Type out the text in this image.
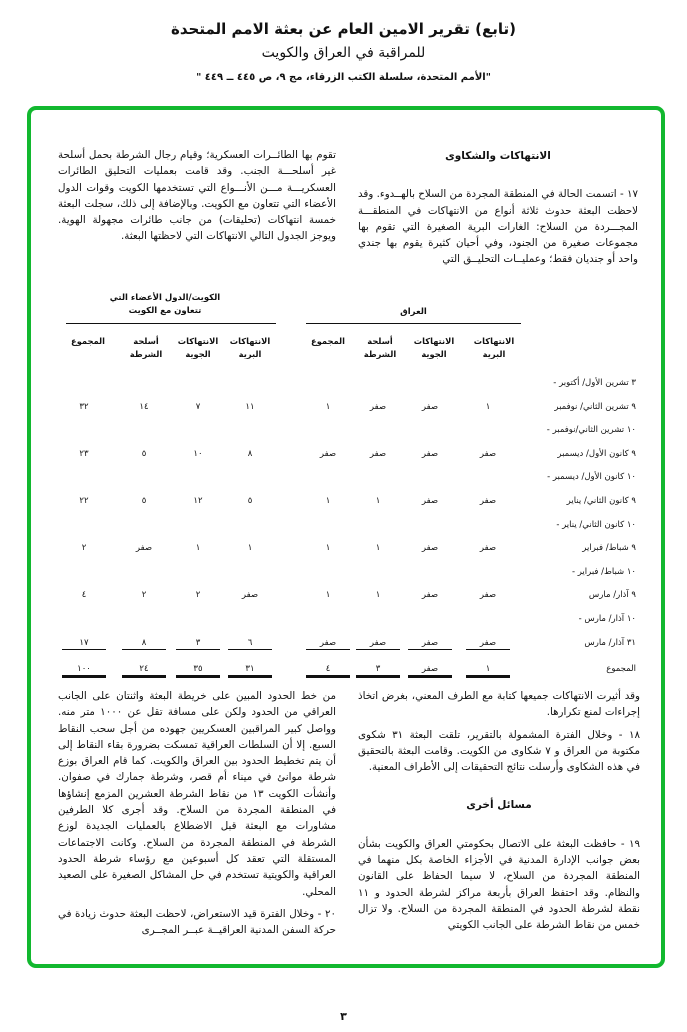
(تابع) تقرير الامين العام عن بعثة الامم المتحدة
للمراقبة في العراق والكويت
"الأمم المتحدة، سلسلة الكتب الزرقاء، مج ٩، ص ٤٤٥ ــ ٤٤٩ "
الانتهاكات والشكاوى

١٧ - اتسمت الحالة في المنطقة المجردة من السلاح بالهــدوء. وقد لاحظت البعثة حدوث ثلاثة أنواع من الانتهاكات في المنطقـــة المجـــردة من السلاح: الغارات البرية الصغيرة التي تقوم بها مجموعات صغيرة من الجنود، وفي أحيان كثيرة يقوم بها جندي واحد أو جنديان فقط؛ وعمليــات التحليــق التي

تقوم بها الطائــرات العسكرية؛ وقيام رجال الشرطة بحمل أسلحة غير أسلحـــة الجنب. وقد قامت بعمليات التحليق الطائرات العسكريـــة مـــن الأنـــواع التي تستخدمها الكويت وقوات الدول الأعضاء التي تتعاون مع الكويت. وبالإضافة إلى ذلك، سجلت البعثة خمسة انتهاكات (تحليقات) من جانب طائرات مجهولة الهوية. ويوجز الجدول التالي الانتهاكات التي لاحظتها البعثة.

الكويت/الدول الأعضاء التي
تتعاون مع الكويت	العراق
الانتهاكات
البرية
الانتهاكات
الجوية
أسلحة
الشرطة
المجموع
الانتهاكات
البرية
الانتهاكات
الجوية
أسلحة
الشرطة
المجموع
٣ تشرين الأول/ أكتوبر -
٩ تشرين الثاني/ نوفمبر
١
صفر
صفر
١
١١
٧
١٤
٣٢
١٠ تشرين الثاني/نوفمبر -
٩ كانون الأول/ ديسمبر
صفر
صفر
صفر
صفر
٨
١٠
٥
٢٣
١٠ كانون الأول/ ديسمبر -
٩ كانون الثاني/ يناير
صفر
صفر
١
١
٥
١٢
٥
٢٢
١٠ كانون الثاني/ يناير -
٩ شباط/ فبراير
صفر
صفر
١
١
١
١
صفر
٢
١٠ شباط/ فبراير -
٩ آذار/ مارس
صفر
صفر
١
١
صفر
٢
٢
٤
١٠ آذار/ مارس -
٣١ آذار/ مارس
صفر
صفر
صفر
صفر
٦
٣
٨
١٧
المجموع
١
صفر
٣
٤
٣١
٣٥
٢٤
١٠٠

وقد أثيرت الانتهاكات جميعها كتابة مع الطرف المعني، بغرض اتخاذ إجراءات لمنع تكرارها.

١٨ - وخلال الفترة المشمولة بالتقرير، تلقت البعثة ٣١ شكوى مكتوبة من العراق و ٧ شكاوى من الكويت. وقامت البعثة بالتحقيق في هذه الشكاوى وأرسلت نتائج التحقيقات إلى الأطراف المعنية.

مسائل أخرى

١٩ - حافظت البعثة على الاتصال بحكومتي العراق والكويت بشأن بعض جوانب الإدارة المدنية في الأجزاء الخاصة بكل منهما في المنطقة المجردة من السلاح، لا سيما الحفاظ على القانون والنظام. وقد احتفظ العراق بأربعة مراكز لشرطة الحدود و ١١ نقطة لشرطة الحدود في المنطقة المجردة من السلاح. ولا تزال خمس من نقاط الشرطة على الجانب الكويتي

من خط الحدود المبين على خريطة البعثة واثنتان على الجانب العراقي من الحدود ولكن على مسافة تقل عن ١٠٠٠ متر منه. وواصل كبير المراقبين العسكريين جهوده من أجل سحب النقاط السبع. إلا أن السلطات العراقية تمسكت بضرورة بقاء النقاط إلى أن يتم تخطيط الحدود بين العراق والكويت. كما قام العراق بوزع شرطة موانئ في ميناء أم قصر، وشرطة جمارك في صفوان. وأنشأت الكويت ١٣ من نقاط الشرطة العشرين المزمع إنشاؤها في المنطقة المجردة من السلاح. وقد أجرى كلا الطرفين مشاورات مع البعثة قبل الاضطلاع بالعمليات الجديدة لوزع الشرطة في المنطقة المجردة من السلاح. وكانت الاجتماعات المستقلة التي تعقد كل أسبوعين مع رؤساء شرطة الحدود العراقية والكويتية تستخدم في حل المشاكل الصغيرة على الصعيد المحلي.

٢٠ - وخلال الفترة قيد الاستعراض، لاحظت البعثة حدوث زيادة في حركة السفن المدنية العراقيــة عبــر المجــرى

٣
